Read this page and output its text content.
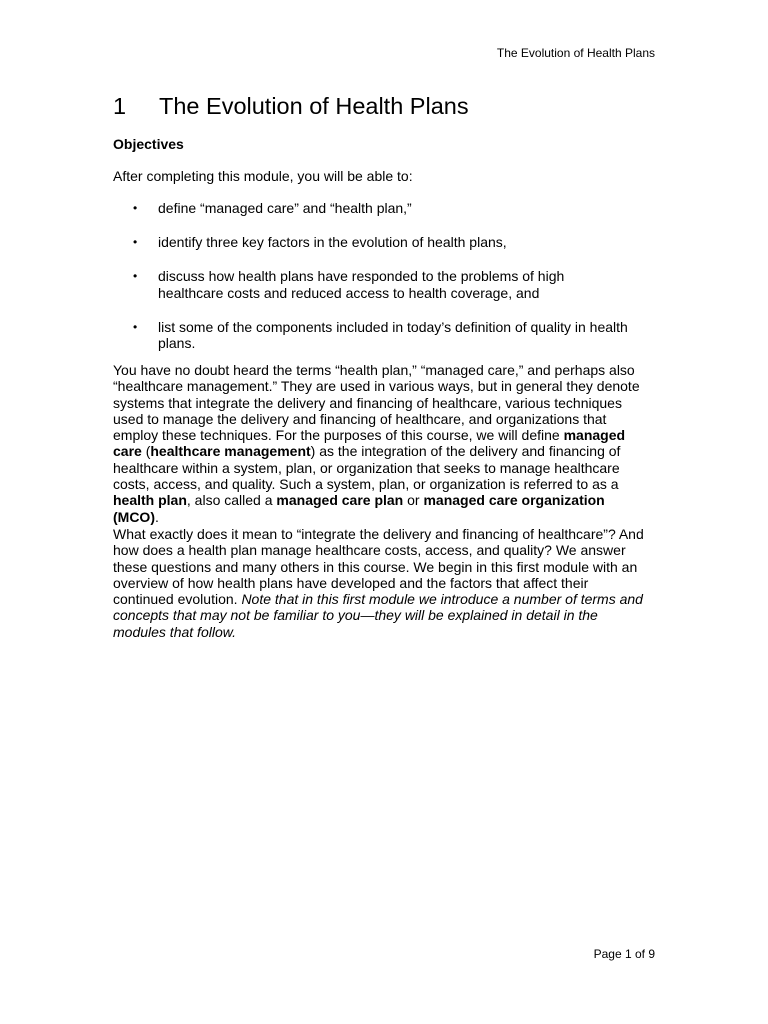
The Evolution of Health Plans
1	The Evolution of Health Plans
Objectives

After completing this module, you will be able to:

• define “managed care” and “health plan,”
• identify three key factors in the evolution of health plans,
• discuss how health plans have responded to the problems of high healthcare costs and reduced access to health coverage, and
• list some of the components included in today’s definition of quality in health plans.

You have no doubt heard the terms “health plan,” “managed care,” and perhaps also “healthcare management.” They are used in various ways, but in general they denote systems that integrate the delivery and financing of healthcare, various techniques used to manage the delivery and financing of healthcare, and organizations that employ these techniques. For the purposes of this course, we will define managed care (healthcare management) as the integration of the delivery and financing of healthcare within a system, plan, or organization that seeks to manage healthcare costs, access, and quality. Such a system, plan, or organization is referred to as a health plan, also called a managed care plan or managed care organization (MCO).

What exactly does it mean to “integrate the delivery and financing of healthcare”? And how does a health plan manage healthcare costs, access, and quality? We answer these questions and many others in this course. We begin in this first module with an overview of how health plans have developed and the factors that affect their continued evolution. Note that in this first module we introduce a number of terms and concepts that may not be familiar to you—they will be explained in detail in the modules that follow.

Page 1 of 9
